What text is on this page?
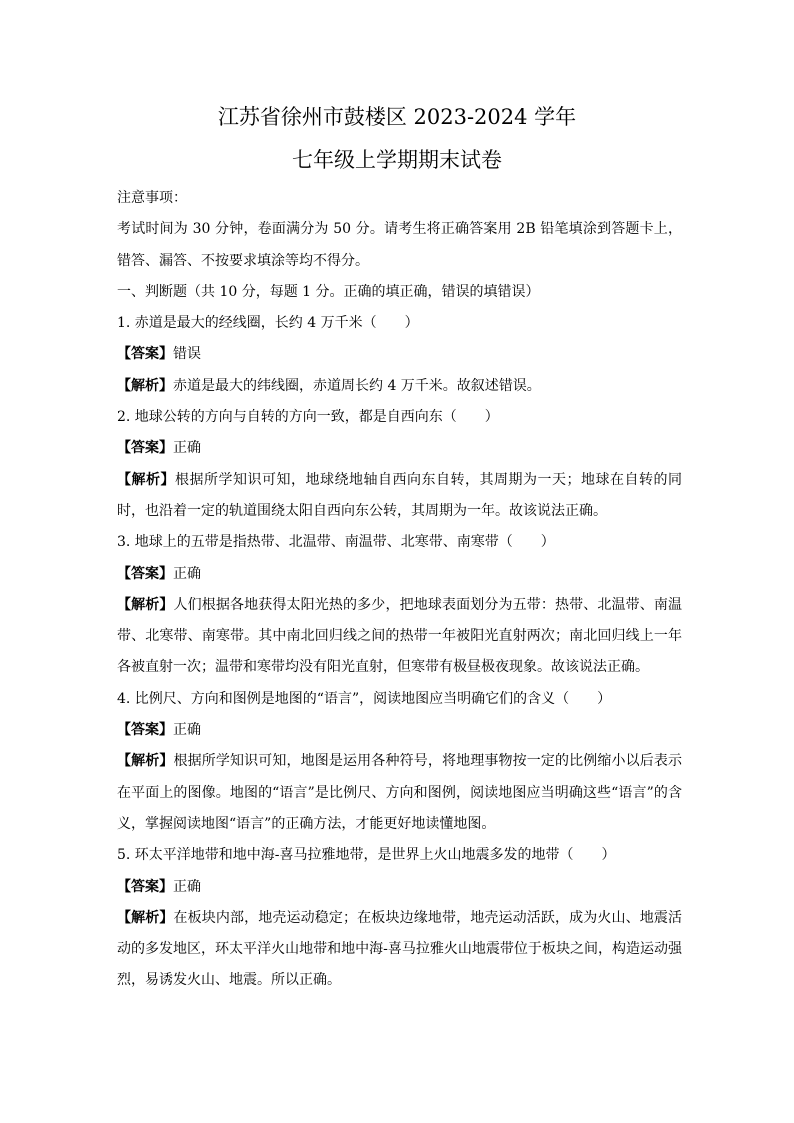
江苏省徐州市鼓楼区 2023-2024 学年
七年级上学期期末试卷
注意事项：
考试时间为 30 分钟，卷面满分为 50 分。请考生将正确答案用 2B 铅笔填涂到答题卡上，错答、漏答、不按要求填涂等均不得分。
一、判断题（共 10 分，每题 1 分。正确的填正确，错误的填错误）
1. 赤道是最大的经线圈，长约 4 万千米（　　）
【答案】错误
【解析】赤道是最大的纬线圈，赤道周长约 4 万千米。故叙述错误。
2. 地球公转的方向与自转的方向一致，都是自西向东（　　）
【答案】正确
【解析】根据所学知识可知，地球绕地轴自西向东自转，其周期为一天；地球在自转的同时，也沿着一定的轨道围绕太阳自西向东公转，其周期为一年。故该说法正确。
3. 地球上的五带是指热带、北温带、南温带、北寒带、南寒带（　　）
【答案】正确
【解析】人们根据各地获得太阳光热的多少，把地球表面划分为五带：热带、北温带、南温带、北寒带、南寒带。其中南北回归线之间的热带一年被阳光直射两次；南北回归线上一年各被直射一次；温带和寒带均没有阳光直射，但寒带有极昼极夜现象。故该说法正确。
4. 比例尺、方向和图例是地图的“语言”，阅读地图应当明确它们的含义（　　）
【答案】正确
【解析】根据所学知识可知，地图是运用各种符号，将地理事物按一定的比例缩小以后表示在平面上的图像。地图的“语言”是比例尺、方向和图例，阅读地图应当明确这些“语言”的含义，掌握阅读地图“语言”的正确方法，才能更好地读懂地图。
5. 环太平洋地带和地中海-喜马拉雅地带，是世界上火山地震多发的地带（　　）
【答案】正确
【解析】在板块内部，地壳运动稳定；在板块边缘地带，地壳运动活跃，成为火山、地震活动的多发地区，环太平洋火山地带和地中海-喜马拉雅火山地震带位于板块之间，构造运动强烈，易诱发火山、地震。所以正确。
